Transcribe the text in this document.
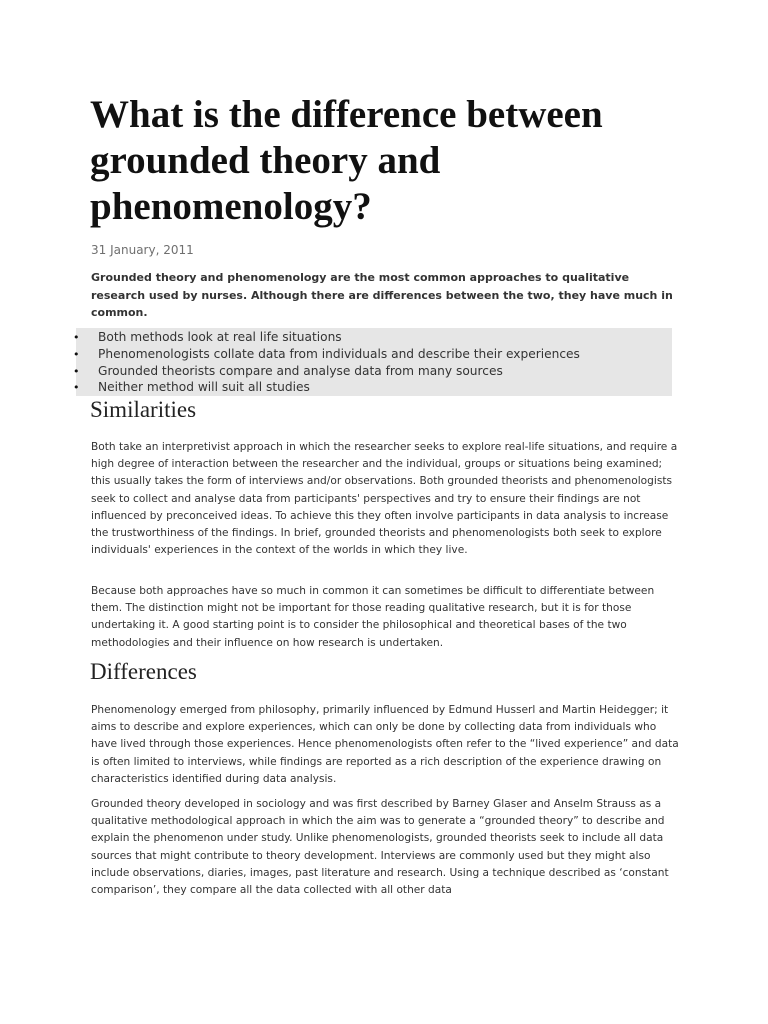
What is the difference between grounded theory and phenomenology?
31 January, 2011

Grounded theory and phenomenology are the most common approaches to qualitative research used by nurses. Although there are differences between the two, they have much in common.

• Both methods look at real life situations
• Phenomenologists collate data from individuals and describe their experiences
• Grounded theorists compare and analyse data from many sources
• Neither method will suit all studies
Similarities

Both take an interpretivist approach in which the researcher seeks to explore real-life situations, and require a high degree of interaction between the researcher and the individual, groups or situations being examined; this usually takes the form of interviews and/or observations. Both grounded theorists and phenomenologists seek to collect and analyse data from participants' perspectives and try to ensure their findings are not influenced by preconceived ideas. To achieve this they often involve participants in data analysis to increase the trustworthiness of the findings. In brief, grounded theorists and phenomenologists both seek to explore individuals' experiences in the context of the worlds in which they live.

Because both approaches have so much in common it can sometimes be difficult to differentiate between them. The distinction might not be important for those reading qualitative research, but it is for those undertaking it. A good starting point is to consider the philosophical and theoretical bases of the two methodologies and their influence on how research is undertaken.

Differences

Phenomenology emerged from philosophy, primarily influenced by Edmund Husserl and Martin Heidegger; it aims to describe and explore experiences, which can only be done by collecting data from individuals who have lived through those experiences. Hence phenomenologists often refer to the “lived experience” and data is often limited to interviews, while findings are reported as a rich description of the experience drawing on characteristics identified during data analysis.

Grounded theory developed in sociology and was first described by Barney Glaser and Anselm Strauss as a qualitative methodological approach in which the aim was to generate a “grounded theory” to describe and explain the phenomenon under study. Unlike phenomenologists, grounded theorists seek to include all data sources that might contribute to theory development. Interviews are commonly used but they might also include observations, diaries, images, past literature and research. Using a technique described as ‘constant comparison’, they compare all the data collected with all other data
